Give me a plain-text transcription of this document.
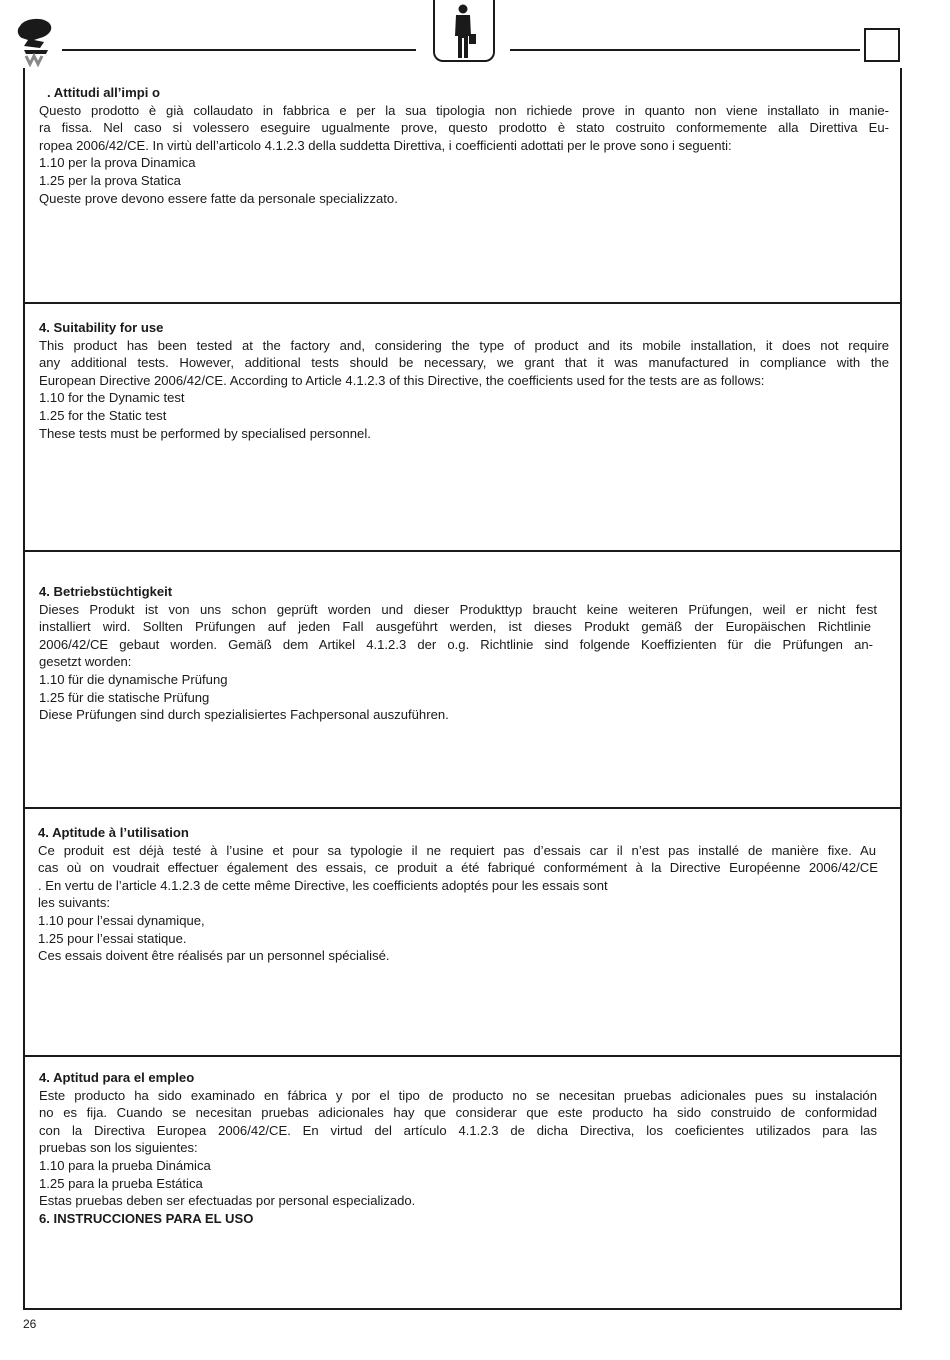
. Attitudi all’impi o

Questo prodotto è già collaudato in fabbrica e per la sua tipologia non richiede prove in quanto non viene installato in manie-

ra fissa. Nel caso si volessero eseguire ugualmente prove, questo prodotto è stato costruito conformemente alla Direttiva Eu-

ropea 2006/42/CE. In virtù dell’articolo 4.1.2.3 della suddetta Direttiva, i coefficienti adottati per le prove sono i seguenti:

1.10 per la prova Dinamica

1.25 per la prova Statica

Queste prove devono essere fatte da personale specializzato.

4. Suitability for use

This product has been tested at the factory and, considering the type of product and its mobile installation, it does not require

any additional tests. However, additional tests should be necessary, we grant that it was manufactured in compliance with the

European Directive 2006/42/CE. According to Article 4.1.2.3 of this Directive, the coefficients used for the tests are as follows:

1.10 for the Dynamic test

1.25 for the Static test

These tests must be performed by specialised personnel.

4. Betriebstüchtigkeit

Dieses Produkt ist von uns schon geprüft worden und dieser Produkttyp braucht keine weiteren Prüfungen, weil er nicht fest

installiert wird. Sollten Prüfungen auf jeden Fall ausgeführt werden, ist dieses Produkt gemäß der Europäischen Richtlinie

2006/42/CE gebaut worden. Gemäß dem Artikel 4.1.2.3 der o.g. Richtlinie sind folgende Koeffizienten für die Prüfungen an-

gesetzt worden:

1.10 für die dynamische Prüfung

1.25 für die statische Prüfung

Diese Prüfungen sind durch spezialisiertes Fachpersonal auszuführen.

4. Aptitude à l’utilisation

Ce produit est déjà testé à l’usine et pour sa typologie il ne requiert pas d’essais car il n’est pas installé de manière fixe. Au

cas où on voudrait effectuer également des essais, ce produit a été fabriqué conformément à la Directive Européenne 2006/42/CE

. En vertu de l’article 4.1.2.3 de cette même Directive, les coefficients adoptés pour les essais sont

les suivants:

1.10 pour l’essai dynamique,

1.25 pour l’essai statique.

Ces essais doivent être réalisés par un personnel spécialisé.

4. Aptitud para el empleo

Este producto ha sido examinado en fábrica y por el tipo de producto no se necesitan pruebas adicionales pues su instalación

no es fija. Cuando se necesitan pruebas adicionales hay que considerar que este producto ha sido construido de conformidad

con la Directiva Europea 2006/42/CE. En virtud del artículo 4.1.2.3 de dicha Directiva, los coeficientes utilizados para las

pruebas son los siguientes:

1.10 para la prueba Dinámica

1.25 para la prueba Estática

Estas pruebas deben ser efectuadas por personal especializado.

6. INSTRUCCIONES PARA EL USO

26
